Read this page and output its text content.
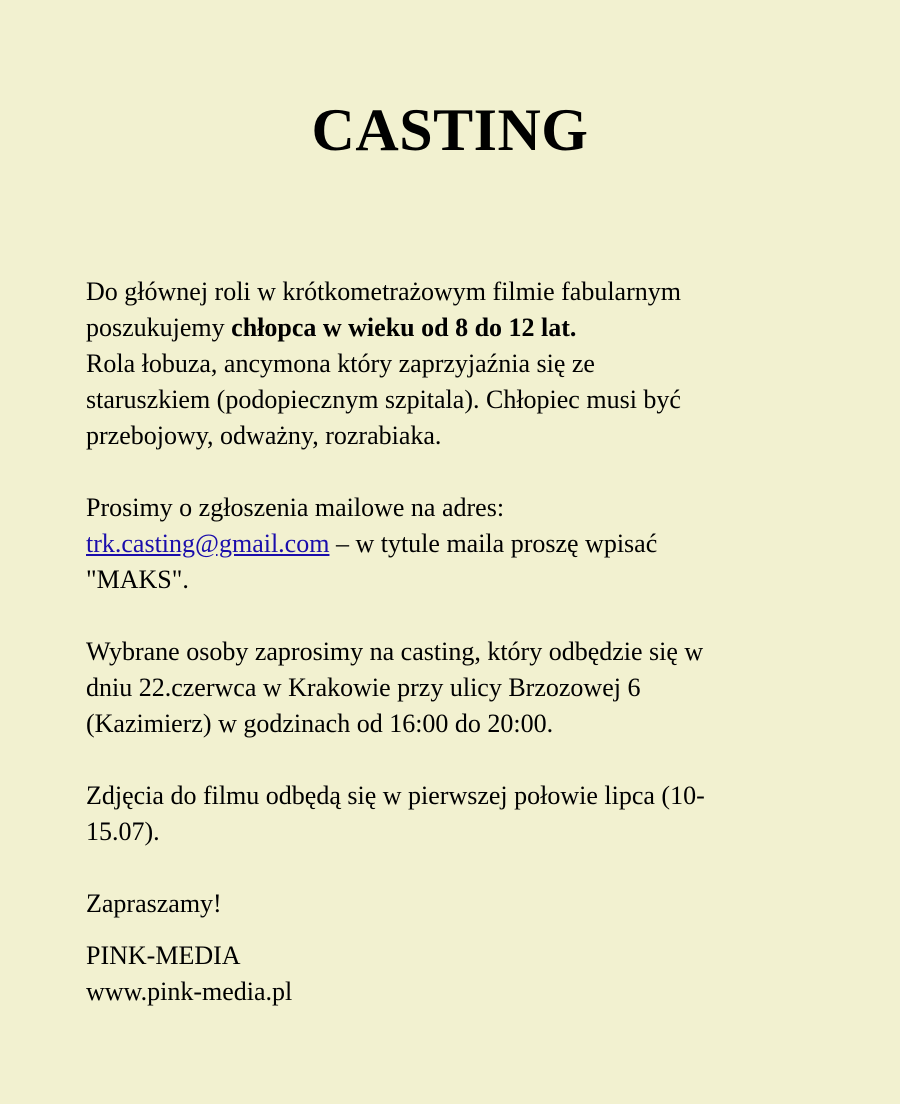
CASTING

Do głównej roli w krótkometrażowym filmie fabularnym
poszukujemy chłopca w wieku od 8 do 12 lat.
Rola łobuza, ancymona który zaprzyjaźnia się ze
staruszkiem (podopiecznym szpitala). Chłopiec musi być
przebojowy, odważny, rozrabiaka.

Prosimy o zgłoszenia mailowe na adres:
trk.casting@gmail.com – w tytule maila proszę wpisać
"MAKS".

Wybrane osoby zaprosimy na casting, który odbędzie się w
dniu 22.czerwca w Krakowie przy ulicy Brzozowej 6
(Kazimierz) w godzinach od 16:00 do 20:00.

Zdjęcia do filmu odbędą się w pierwszej połowie lipca (10-
15.07).

Zapraszamy!

PINK-MEDIA
www.pink-media.pl
